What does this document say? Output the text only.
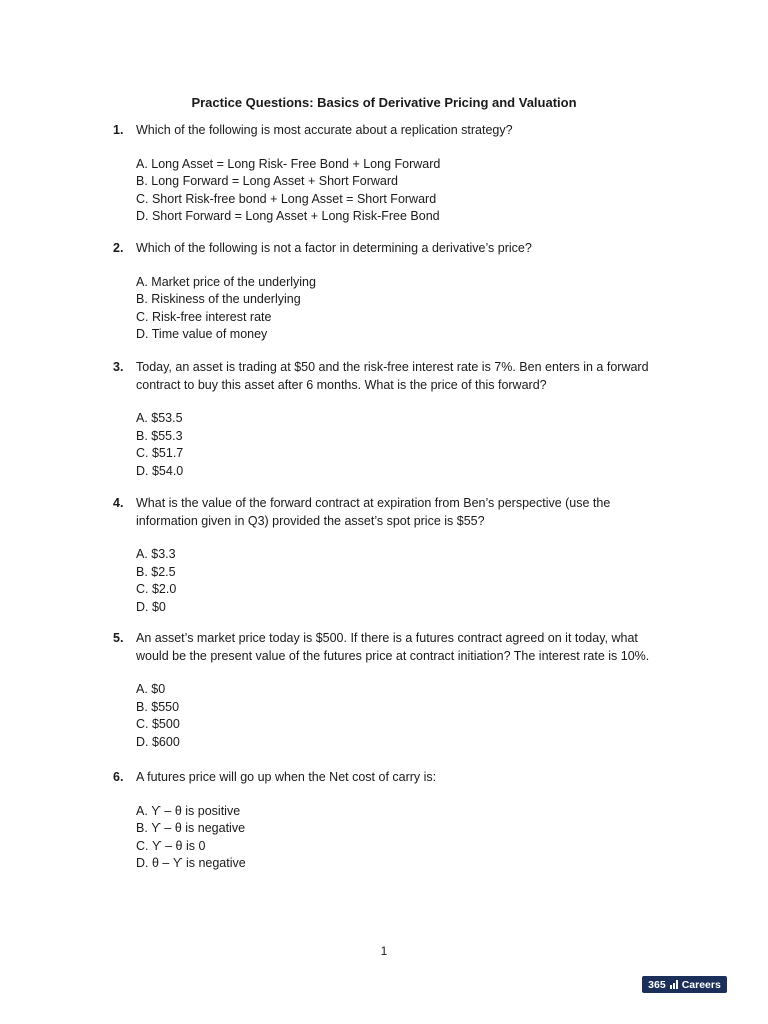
Practice Questions: Basics of Derivative Pricing and Valuation
1. Which of the following is most accurate about a replication strategy?
A. Long Asset = Long Risk- Free Bond + Long Forward
B. Long Forward = Long Asset + Short Forward
C. Short Risk-free bond + Long Asset = Short Forward
D. Short Forward = Long Asset + Long Risk-Free Bond
2. Which of the following is not a factor in determining a derivative’s price?
A. Market price of the underlying
B. Riskiness of the underlying
C. Risk-free interest rate
D. Time value of money
3. Today, an asset is trading at $50 and the risk-free interest rate is 7%. Ben enters in a forward contract to buy this asset after 6 months. What is the price of this forward?
A. $53.5
B. $55.3
C. $51.7
D. $54.0
4. What is the value of the forward contract at expiration from Ben’s perspective (use the information given in Q3) provided the asset’s spot price is $55?
A. $3.3
B. $2.5
C. $2.0
D. $0
5. An asset’s market price today is $500. If there is a futures contract agreed on it today, what would be the present value of the futures price at contract initiation? The interest rate is 10%.
A. $0
B. $550
C. $500
D. $600
6. A futures price will go up when the Net cost of carry is:
A. ϒ – θ is positive
B. ϒ – θ is negative
C. ϒ – θ is 0
D. θ – ϒ is negative
1
365 Careers
